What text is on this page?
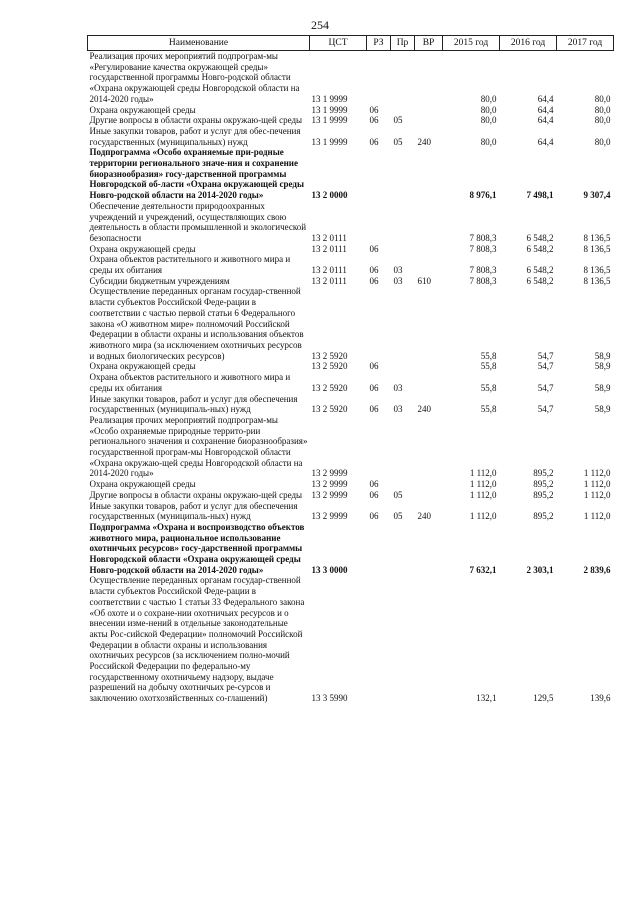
254
Наименование	ЦСТ	РЗ	Пр	ВР	2015 год	2016 год	2017 год
Реализация прочих мероприятий подпрограм-мы «Регулирование качества окружающей среды» государственной программы Новго-родской области «Охрана окружающей среды Новгородской области на 2014-2020 годы»	13 1 9999				80,0	64,4	80,0
Охрана окружающей среды	13 1 9999	06			80,0	64,4	80,0
Другие вопросы в области охраны окружаю-щей среды	13 1 9999	06	05		80,0	64,4	80,0
Иные закупки товаров, работ и услуг для обес-печения государственных (муниципальных) нужд	13 1 9999	06	05	240	80,0	64,4	80,0
Подпрограмма «Особо охраняемые при-родные территории регионального значе-ния и сохранение биоразнообразия» госу-дарственной программы Новгородской об-ласти «Охрана окружающей среды Новго-родской области на 2014-2020 годы»	13 2 0000				8 976,1	7 498,1	9 307,4
Обеспечение деятельности природоохранных учреждений и учреждений, осуществляющих свою деятельность в области промышленной и экологической безопасности	13 2 0111				7 808,3	6 548,2	8 136,5
Охрана окружающей среды	13 2 0111	06			7 808,3	6 548,2	8 136,5
Охрана объектов растительного и животного мира и среды их обитания	13 2 0111	06	03		7 808,3	6 548,2	8 136,5
Субсидии бюджетным учреждениям	13 2 0111	06	03	610	7 808,3	6 548,2	8 136,5
Осуществление переданных органам государ-ственной власти субъектов Российской Феде-рации в соответствии с частью первой статьи 6 Федерального закона «О животном мире» полномочий Российской Федерации в области охраны и использования объектов животного мира (за исключением охотничьих ресурсов и водных биологических ресурсов)	13 2 5920				55,8	54,7	58,9
Охрана окружающей среды	13 2 5920	06			55,8	54,7	58,9
Охрана объектов растительного и животного мира и среды их обитания	13 2 5920	06	03		55,8	54,7	58,9
Иные закупки товаров, работ и услуг для обеспечения государственных (муниципаль-ных) нужд	13 2 5920	06	03	240	55,8	54,7	58,9
Реализация прочих мероприятий подпрограм-мы «Особо охраняемые природные террито-рии регионального значения и сохранение биоразнообразия» государственной програм-мы Новгородской области «Охрана окружаю-щей среды Новгородской области на 2014-2020 годы»	13 2 9999				1 112,0	895,2	1 112,0
Охрана окружающей среды	13 2 9999	06			1 112,0	895,2	1 112,0
Другие вопросы в области охраны окружаю-щей среды	13 2 9999	06	05		1 112,0	895,2	1 112,0
Иные закупки товаров, работ и услуг для обеспечения государственных (муниципаль-ных) нужд	13 2 9999	06	05	240	1 112,0	895,2	1 112,0
Подпрограмма «Охрана и воспроизводство объектов животного мира, рациональное использование охотничьих ресурсов» госу-дарственной программы Новгородской области «Охрана окружающей среды Новго-родской области на 2014-2020 годы»	13 3 0000				7 632,1	2 303,1	2 839,6
Осуществление переданных органам государ-ственной власти субъектов Российской Феде-рации в соответствии с частью 1 статьи 33 Федерального закона «Об охоте и о сохране-нии охотничьих ресурсов и о внесении изме-нений в отдельные законодательные акты Рос-сийской Федерации» полномочий Российской Федерации в области охраны и использования охотничьих ресурсов (за исключением полно-мочий Российской Федерации по федерально-му государственному охотничьему надзору, выдаче разрешений на добычу охотничьих ре-сурсов и заключению охотхозяйственных со-глашений)	13 3 5990				132,1	129,5	139,6
